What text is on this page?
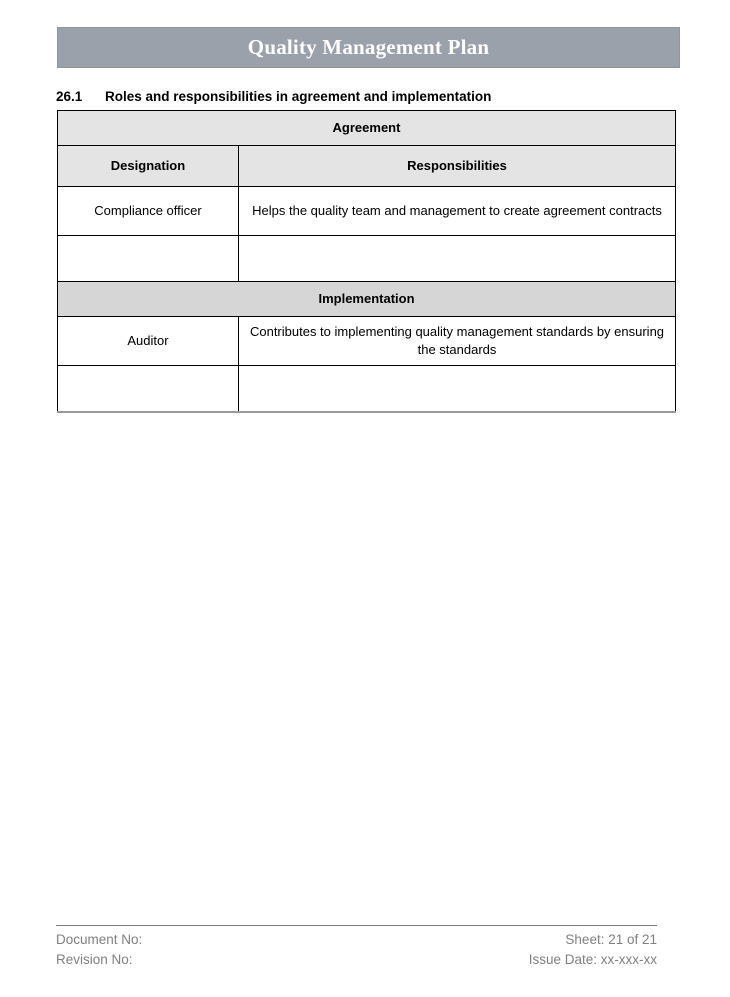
Quality Management Plan
26.1	Roles and responsibilities in agreement and implementation
Agreement	
Designation	Responsibilities
Compliance officer	Helps the quality team and management to create agreement contracts

Implementation	
Auditor	Contributes to implementing quality management standards by ensuring the standards

Document No:
Revision No:
Sheet: 21 of 21
Issue Date: xx-xxx-xx
